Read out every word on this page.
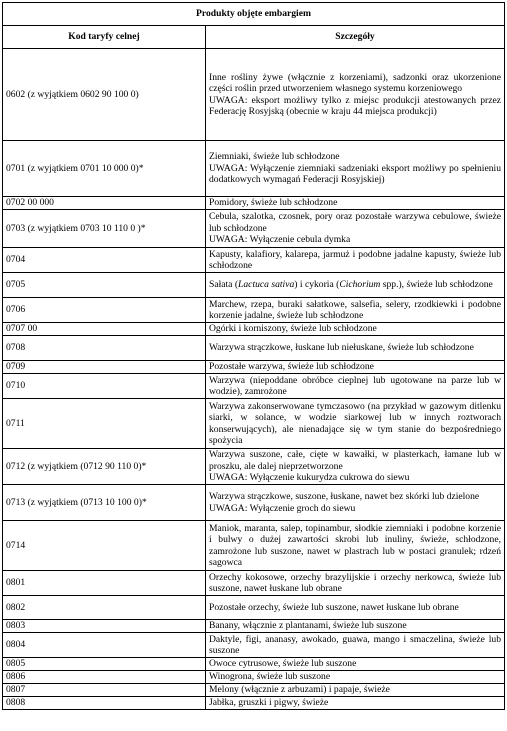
Produkty objęte embargiem	
Kod taryfy celnej	Szczegóły
0602 (z wyjątkiem 0602 90 100 0)	Inne rośliny żywe (włącznie z korzeniami), sadzonki oraz ukorzenione części roślin przed utworzeniem własnego systemu korzeniowego
UWAGA: eksport możliwy tylko z miejsc produkcji atestowanych przez Federację Rosyjską (obecnie w kraju 44 miejsca produkcji)

0701 (z wyjątkiem 0701 10 000 0)*	Ziemniaki, świeże lub schłodzone
UWAGA: Wyłączenie ziemniaki sadzeniaki eksport możliwy po spełnieniu dodatkowych wymagań Federacji Rosyjskiej)

0702 00 000	Pomidory, świeże lub schłodzone

0703 (z wyjątkiem 0703 10 110 0 )*	Cebula, szalotka, czosnek, pory oraz pozostałe warzywa cebulowe, świeże lub schłodzone
UWAGA: Wyłączenie cebula dymka

0704	Kapusty, kalafiory, kalarepa, jarmuż i podobne jadalne kapusty, świeże lub schłodzone

0705	Sałata (Lactuca sativa) i cykoria (Cichorium spp.), świeże lub schłodzone
0706	Marchew, rzepa, buraki sałatkowe, salsefia, selery, rzodkiewki i podobne korzenie jadalne, świeże lub schłodzone

0707 00	Ogórki i korniszony, świeże lub schłodzone

0708	Warzywa strączkowe, łuskane lub niełuskane, świeże lub schłodzone

0709	Pozostałe warzywa, świeże lub schłodzone

0710	Warzywa (niepoddane obróbce cieplnej lub ugotowane na parze lub w wodzie), zamrożone

0711	Warzywa zakonserwowane tymczasowo (na przykład w gazowym ditlenku siarki, w solance, w wodzie siarkowej lub w innych roztworach konserwujących), ale nienadające się w tym stanie do bezpośredniego spożycia

0712 (z wyjątkiem (0712 90 110 0)*	Warzywa suszone, całe, cięte w kawałki, w plasterkach, łamane lub w proszku, ale dalej nieprzetworzone
UWAGA: Wyłączenie kukurydza cukrowa do siewu

0713 (z wyjątkiem (0713 10 100 0)*	Warzywa strączkowe, suszone, łuskane, nawet bez skórki lub dzielone
UWAGA: Wyłączenie groch do siewu

0714	Maniok, maranta, salep, topinambur, słodkie ziemniaki i podobne korzenie i bulwy o dużej zawartości skrobi lub inuliny, świeże, schłodzone, zamrożone lub suszone, nawet w plastrach lub w postaci granulek; rdzeń sagowca

0801	Orzechy kokosowe, orzechy brazylijskie i orzechy nerkowca, świeże lub suszone, nawet łuskane lub obrane

0802	Pozostałe orzechy, świeże lub suszone, nawet łuskane lub obrane

0803	Banany, włącznie z plantanami, świeże lub suszone

0804	Daktyle, figi, ananasy, awokado, guawa, mango i smaczelina, świeże lub suszone

0805	Owoce cytrusowe, świeże lub suszone

0806	Winogrona, świeże lub suszone

0807	Melony (włącznie z arbuzami) i papaje, świeże

0808	Jabłka, gruszki i pigwy, świeże
